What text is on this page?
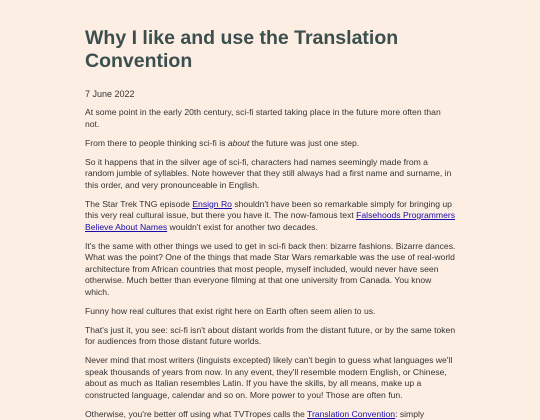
Why I like and use the Translation Convention
7 June 2022

At some point in the early 20th century, sci-fi started taking place in the future more often than not.

From there to people thinking sci-fi is about the future was just one step.

So it happens that in the silver age of sci-fi, characters had names seemingly made from a random jumble of syllables. Note however that they still always had a first name and surname, in this order, and very pronounceable in English.

The Star Trek TNG episode Ensign Ro shouldn't have been so remarkable simply for bringing up this very real cultural issue, but there you have it. The now-famous text Falsehoods Programmers Believe About Names wouldn't exist for another two decades.

It's the same with other things we used to get in sci-fi back then: bizarre fashions. Bizarre dances. What was the point? One of the things that made Star Wars remarkable was the use of real-world architecture from African countries that most people, myself included, would never have seen otherwise. Much better than everyone filming at that one university from Canada. You know which.

Funny how real cultures that exist right here on Earth often seem alien to us.

That's just it, you see: sci-fi isn't about distant worlds from the distant future, or by the same token for audiences from those distant future worlds.

Never mind that most writers (linguists excepted) likely can't begin to guess what languages we'll speak thousands of years from now. In any event, they'll resemble modern English, or Chinese, about as much as Italian resembles Latin. If you have the skills, by all means, make up a constructed language, calendar and so on. More power to you! Those are often fun.

Otherwise, you're better off using what TVTropes calls the Translation Convention: simply
